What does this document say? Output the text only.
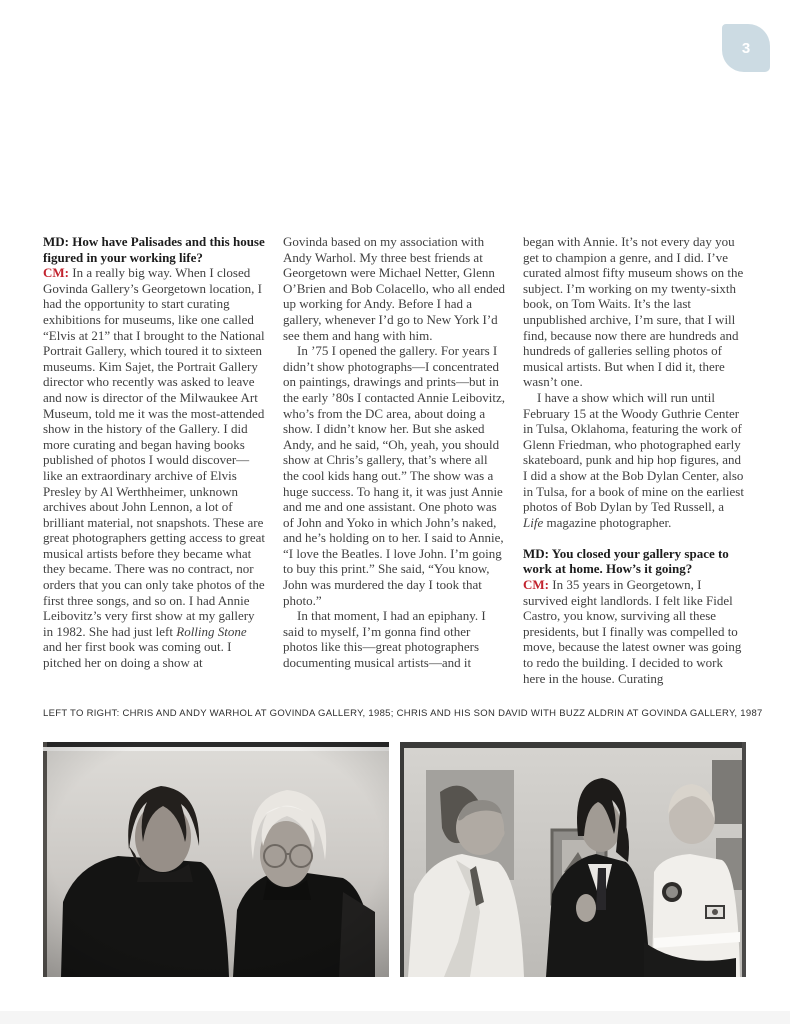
3

MD: How have Palisades and this house figured in your working life?

CM: In a really big way. When I closed Govinda Gallery’s Georgetown location, I had the opportunity to start curating exhibitions for museums, like one called “Elvis at 21” that I brought to the National Portrait Gallery, which toured it to sixteen museums. Kim Sajet, the Portrait Gallery director who recently was asked to leave and now is director of the Milwaukee Art Museum, told me it was the most-attended show in the history of the Gallery. I did more curating and began having books published of photos I would discover—like an extraordinary archive of Elvis Presley by Al Werthheimer, unknown archives about John Lennon, a lot of brilliant material, not snapshots. These are great photographers getting access to great musical artists before they became what they became. There was no contract, nor orders that you can only take photos of the first three songs, and so on. I had Annie Leibovitz’s very first show at my gallery in 1982. She had just left Rolling Stone and her first book was coming out. I pitched her on doing a show at

Govinda based on my association with Andy Warhol. My three best friends at Georgetown were Michael Netter, Glenn O’Brien and Bob Colacello, who all ended up working for Andy. Before I had a gallery, whenever I’d go to New York I’d see them and hang with him.

In ’75 I opened the gallery. For years I didn’t show photographs—I concentrated on paintings, drawings and prints—but in the early ’80s I contacted Annie Leibovitz, who’s from the DC area, about doing a show. I didn’t know her. But she asked Andy, and he said, “Oh, yeah, you should show at Chris’s gallery, that’s where all the cool kids hang out.” The show was a huge success. To hang it, it was just Annie and me and one assistant. One photo was of John and Yoko in which John’s naked, and he’s holding on to her. I said to Annie, “I love the Beatles. I love John. I’m going to buy this print.” She said, “You know, John was murdered the day I took that photo.”

In that moment, I had an epiphany. I said to myself, I’m gonna find other photos like this—great photographers documenting musical artists—and it

began with Annie. It’s not every day you get to champion a genre, and I did. I’ve curated almost fifty museum shows on the subject. I’m working on my twenty-sixth book, on Tom Waits. It’s the last unpublished archive, I’m sure, that I will find, because now there are hundreds and hundreds of galleries selling photos of musical artists. But when I did it, there wasn’t one.

I have a show which will run until February 15 at the Woody Guthrie Center in Tulsa, Oklahoma, featuring the work of Glenn Friedman, who photographed early skateboard, punk and hip hop figures, and I did a show at the Bob Dylan Center, also in Tulsa, for a book of mine on the earliest photos of Bob Dylan by Ted Russell, a Life magazine photographer.

MD: You closed your gallery space to work at home. How’s it going?

CM: In 35 years in Georgetown, I survived eight landlords. I felt like Fidel Castro, you know, surviving all these presidents, but I finally was compelled to move, because the latest owner was going to redo the building. I decided to work here in the house. Curating

LEFT TO RIGHT: CHRIS AND ANDY WARHOL AT GOVINDA GALLERY, 1985; CHRIS AND HIS SON DAVID WITH BUZZ ALDRIN AT GOVINDA GALLERY, 1987
